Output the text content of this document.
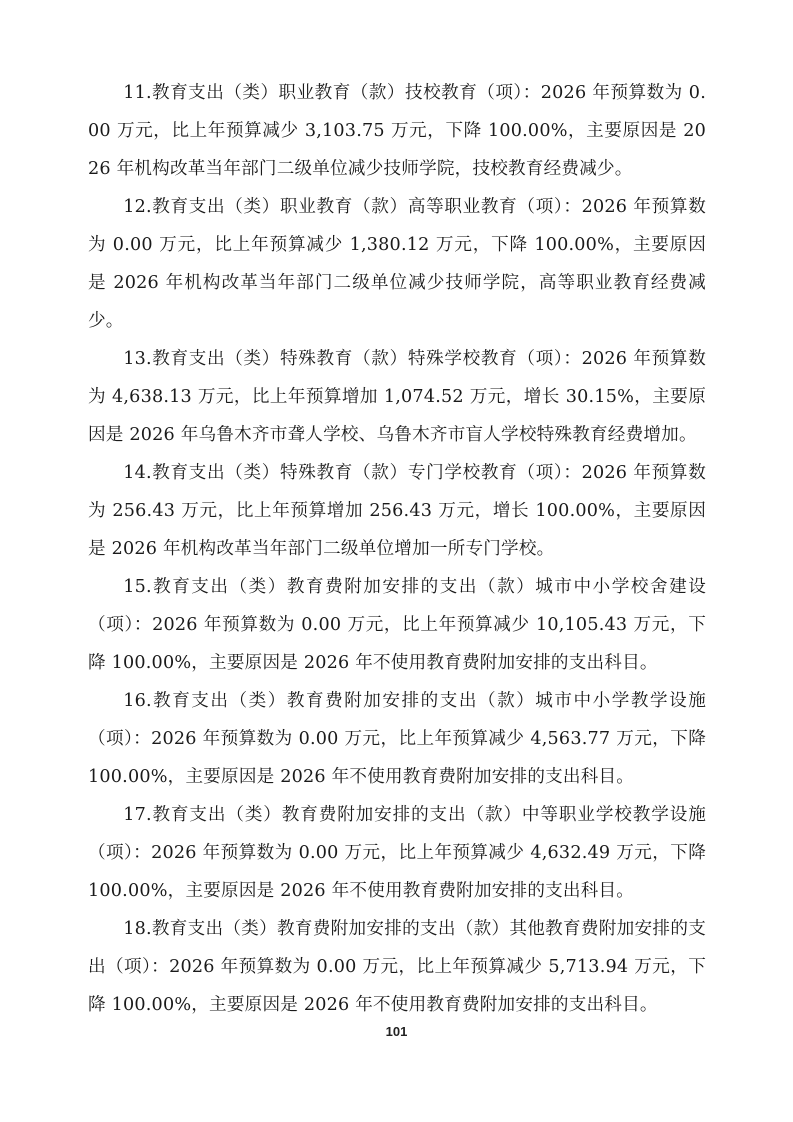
11.教育支出（类）职业教育（款）技校教育（项）：2026 年预算数为 0.00 万元，比上年预算减少 3,103.75 万元，下降 100.00%，主要原因是 2026 年机构改革当年部门二级单位减少技师学院，技校教育经费减少。

12.教育支出（类）职业教育（款）高等职业教育（项）：2026 年预算数为 0.00 万元，比上年预算减少 1,380.12 万元，下降 100.00%，主要原因是 2026 年机构改革当年部门二级单位减少技师学院，高等职业教育经费减少。

13.教育支出（类）特殊教育（款）特殊学校教育（项）：2026 年预算数为 4,638.13 万元，比上年预算增加 1,074.52 万元，增长 30.15%，主要原因是 2026 年乌鲁木齐市聋人学校、乌鲁木齐市盲人学校特殊教育经费增加。

14.教育支出（类）特殊教育（款）专门学校教育（项）：2026 年预算数为 256.43 万元，比上年预算增加 256.43 万元，增长 100.00%，主要原因是 2026 年机构改革当年部门二级单位增加一所专门学校。

15.教育支出（类）教育费附加安排的支出（款）城市中小学校舍建设（项）：2026 年预算数为 0.00 万元，比上年预算减少 10,105.43 万元，下降 100.00%，主要原因是 2026 年不使用教育费附加安排的支出科目。

16.教育支出（类）教育费附加安排的支出（款）城市中小学教学设施（项）：2026 年预算数为 0.00 万元，比上年预算减少 4,563.77 万元，下降 100.00%，主要原因是 2026 年不使用教育费附加安排的支出科目。

17.教育支出（类）教育费附加安排的支出（款）中等职业学校教学设施（项）：2026 年预算数为 0.00 万元，比上年预算减少 4,632.49 万元，下降 100.00%，主要原因是 2026 年不使用教育费附加安排的支出科目。

18.教育支出（类）教育费附加安排的支出（款）其他教育费附加安排的支出（项）：2026 年预算数为 0.00 万元，比上年预算减少 5,713.94 万元，下降 100.00%，主要原因是 2026 年不使用教育费附加安排的支出科目。

101
